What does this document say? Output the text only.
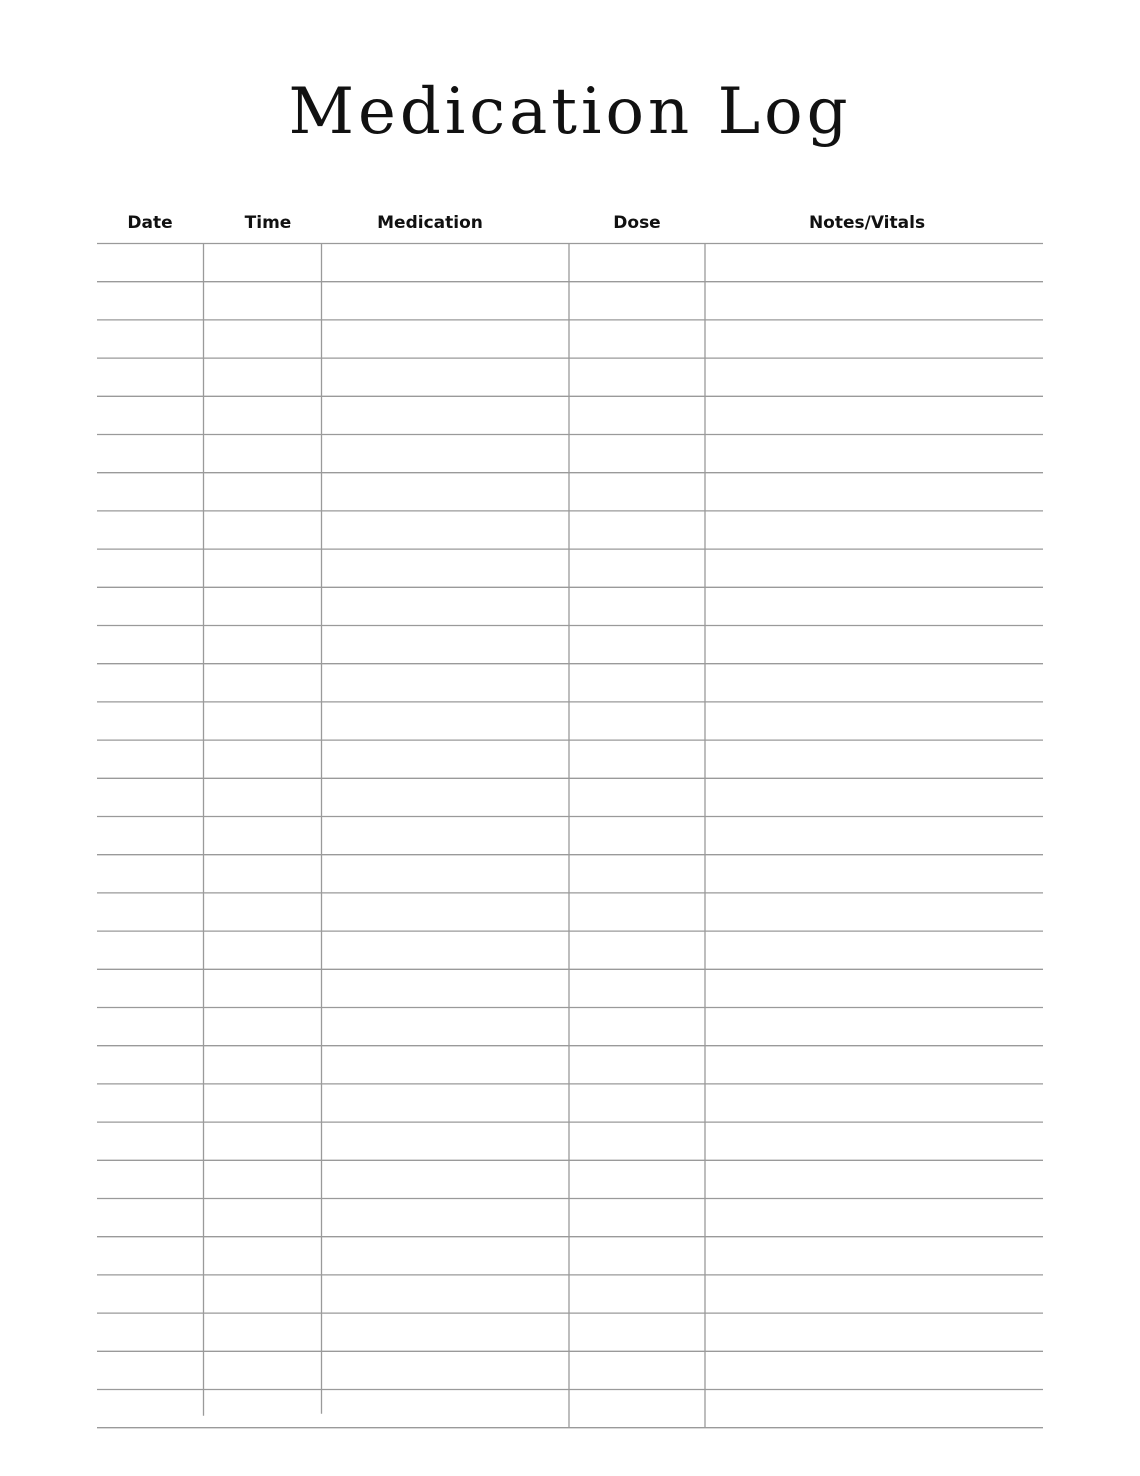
Medication Log
Date	Time	Medication	Dose	Notes/Vitals
